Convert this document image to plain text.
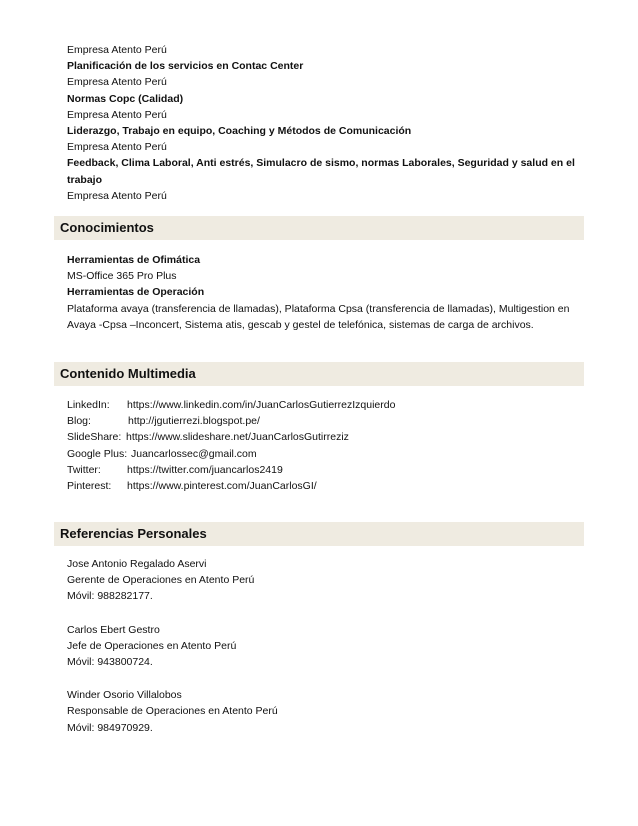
Empresa Atento Perú
Planificación de los servicios en Contac Center
Empresa Atento Perú
Normas Copc (Calidad)
Empresa Atento Perú
Liderazgo, Trabajo en equipo, Coaching y Métodos de Comunicación
Empresa Atento Perú
Feedback, Clima Laboral, Anti estrés, Simulacro de sismo, normas Laborales, Seguridad y salud en el
trabajo
Empresa Atento Perú
Conocimientos
Herramientas de Ofimática
MS-Office 365 Pro Plus
Herramientas de Operación
Plataforma avaya (transferencia de llamadas), Plataforma Cpsa (transferencia de llamadas), Multigestion en
Avaya -Cpsa –Inconcert, Sistema atis, gescab y gestel de telefónica, sistemas de carga de archivos.
Contenido Multimedia
LinkedIn:	https://www.linkedin.com/in/JuanCarlosGutierrezIzquierdo
Blog:	http://jgutierrezi.blogspot.pe/
SlideShare: https://www.slideshare.net/JuanCarlosGutirreziz
Google Plus: Juancarlossec@gmail.com
Twitter:	https://twitter.com/juancarlos2419
Pinterest:	https://www.pinterest.com/JuanCarlosGI/
Referencias Personales
Jose Antonio Regalado Aservi
Gerente de Operaciones en Atento Perú
Móvil: 988282177.
Carlos Ebert Gestro
Jefe de Operaciones en Atento Perú
Móvil: 943800724.
Winder Osorio Villalobos
Responsable de Operaciones en Atento Perú
Móvil: 984970929.
